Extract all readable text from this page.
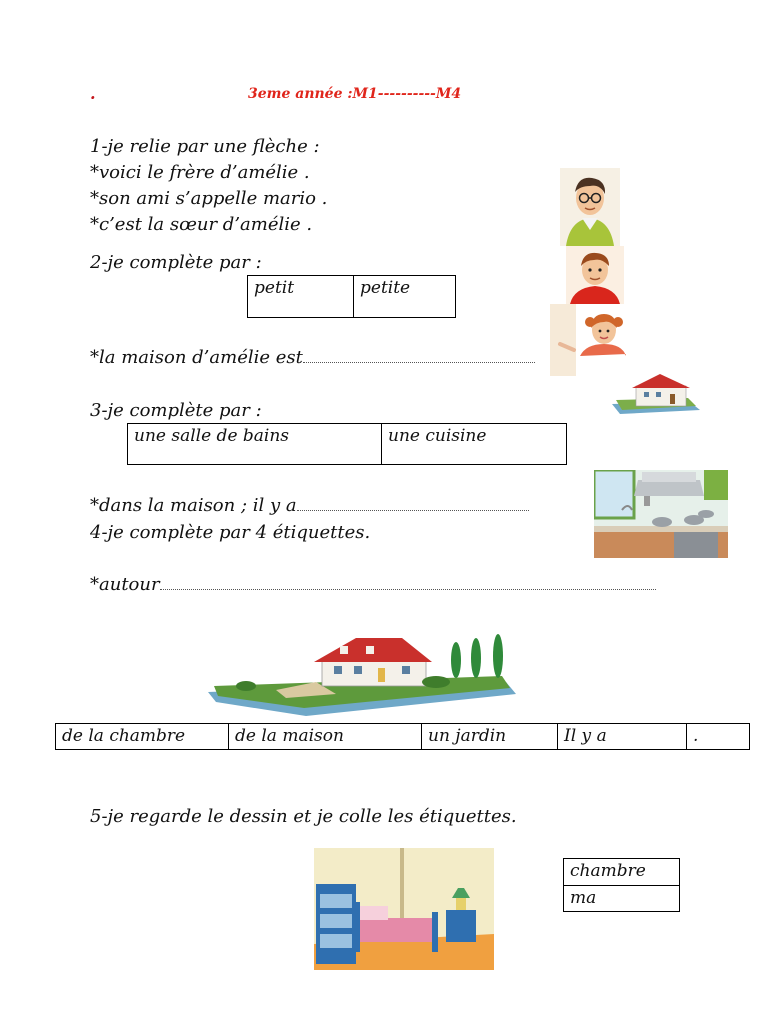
.	3eme année :M1----------M4
1-je relie par une flèche :
*voici le frère d’amélie .
*son ami s’appelle mario .
*c’est la sœur d’amélie .
2-je complète par :
petit	petite
*la maison d’amélie est
3-je complète par :
une salle de bains	une cuisine
*dans la maison ; il y a
4-je complète par 4 étiquettes.
*autour
de la chambre	de la maison	un jardin	Il y a	.
5-je regarde le dessin et je colle les étiquettes.
chambre
ma
